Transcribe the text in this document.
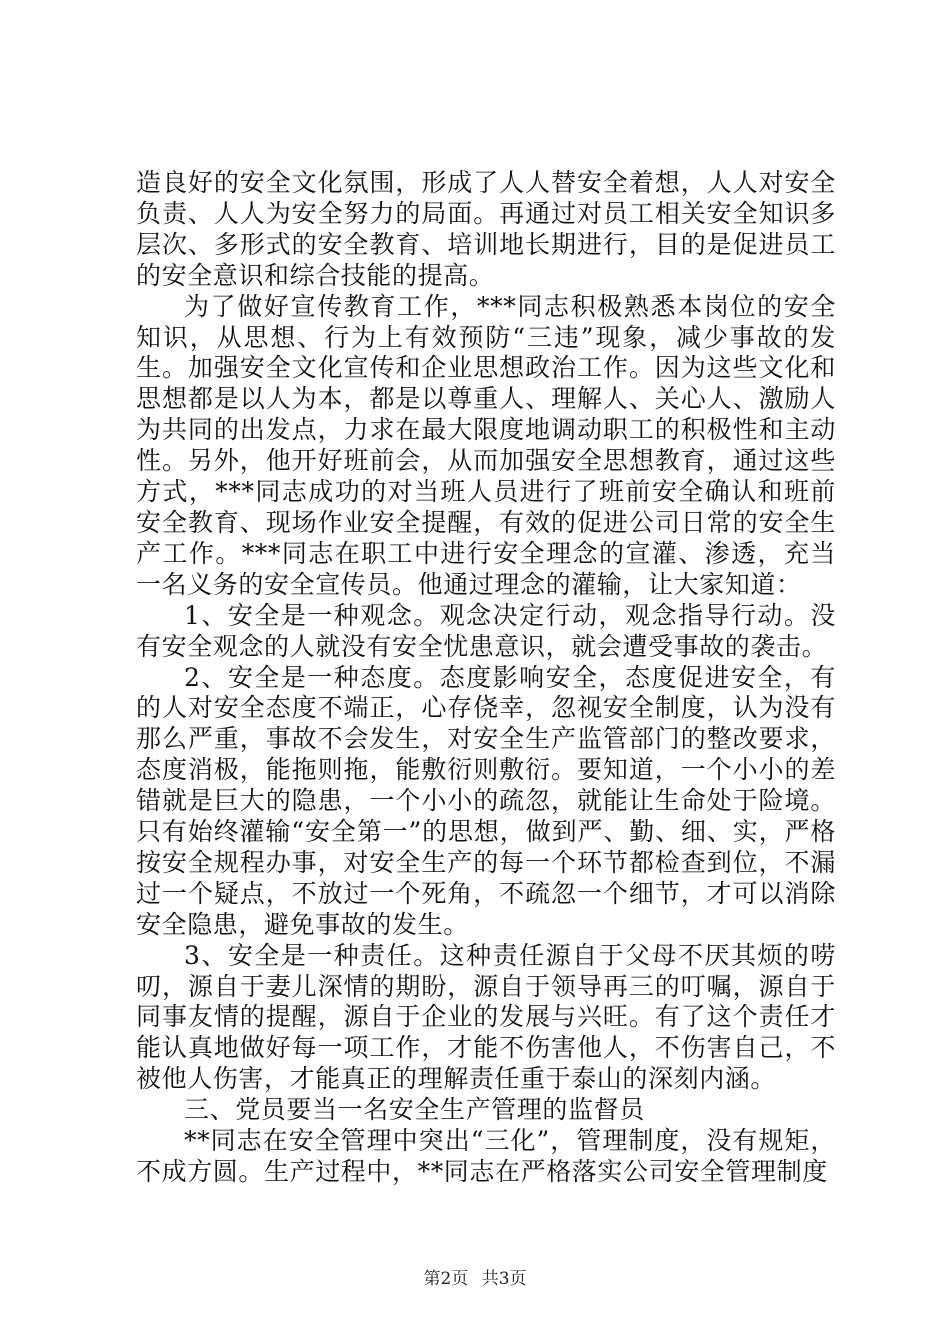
造良好的安全文化氛围，形成了人人替安全着想，人人对安全负责、人人为安全努力的局面。再通过对员工相关安全知识多层次、多形式的安全教育、培训地长期进行，目的是促进员工的安全意识和综合技能的提高。

为了做好宣传教育工作，***同志积极熟悉本岗位的安全知识，从思想、行为上有效预防“三违”现象，减少事故的发生。加强安全文化宣传和企业思想政治工作。因为这些文化和思想都是以人为本，都是以尊重人、理解人、关心人、激励人为共同的出发点，力求在最大限度地调动职工的积极性和主动性。另外，他开好班前会，从而加强安全思想教育，通过这些方式，***同志成功的对当班人员进行了班前安全确认和班前安全教育、现场作业安全提醒，有效的促进公司日常的安全生产工作。***同志在职工中进行安全理念的宣灌、渗透，充当一名义务的安全宣传员。他通过理念的灌输，让大家知道：

1、安全是一种观念。观念决定行动，观念指导行动。没有安全观念的人就没有安全忧患意识，就会遭受事故的袭击。

2、安全是一种态度。态度影响安全，态度促进安全，有的人对安全态度不端正，心存侥幸，忽视安全制度，认为没有那么严重，事故不会发生，对安全生产监管部门的整改要求，态度消极，能拖则拖，能敷衍则敷衍。要知道，一个小小的差错就是巨大的隐患，一个小小的疏忽，就能让生命处于险境。只有始终灌输“安全第一”的思想，做到严、勤、细、实，严格按安全规程办事，对安全生产的每一个环节都检查到位，不漏过一个疑点，不放过一个死角，不疏忽一个细节，才可以消除安全隐患，避免事故的发生。

3、安全是一种责任。这种责任源自于父母不厌其烦的唠叨，源自于妻儿深情的期盼，源自于领导再三的叮嘱，源自于同事友情的提醒，源自于企业的发展与兴旺。有了这个责任才能认真地做好每一项工作，才能不伤害他人，不伤害自己，不被他人伤害，才能真正的理解责任重于泰山的深刻内涵。

三、党员要当一名安全生产管理的监督员

**同志在安全管理中突出“三化”，管理制度，没有规矩，不成方圆。生产过程中，**同志在严格落实公司安全管理制度

第2页 共3页
